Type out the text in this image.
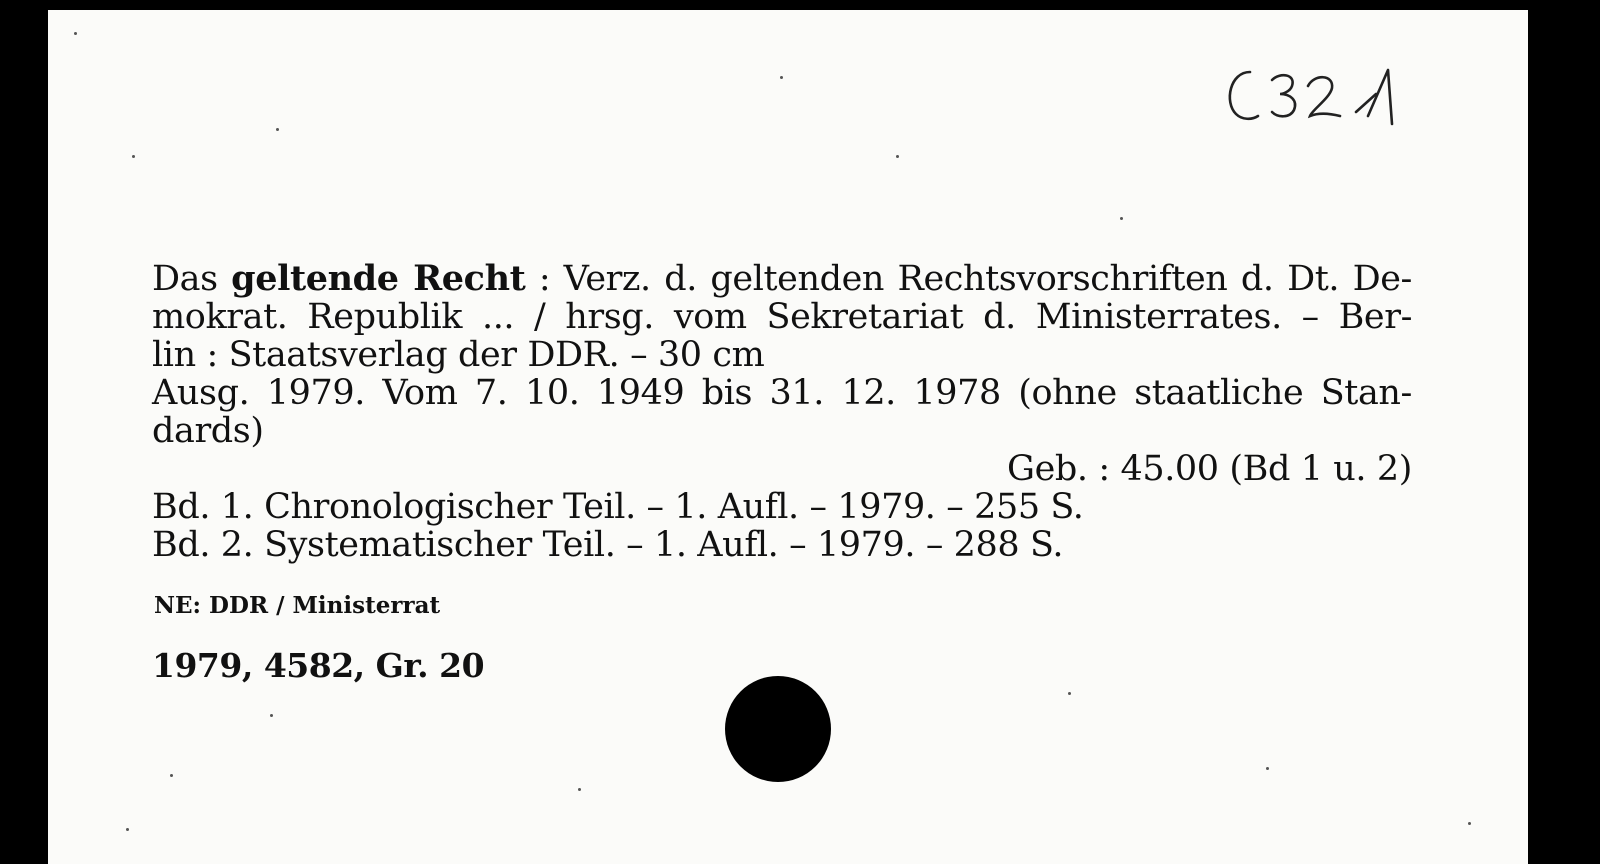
Das geltende Recht : Verz. d. geltenden Rechtsvorschriften d. Dt. De-
mokrat. Republik ... / hrsg. vom Sekretariat d. Ministerrates. – Ber-
lin : Staatsverlag der DDR. – 30 cm
Ausg. 1979. Vom 7. 10. 1949 bis 31. 12. 1978 (ohne staatliche Stan-
dards)
Geb. : 45.00 (Bd 1 u. 2)
Bd. 1. Chronologischer Teil. – 1. Aufl. – 1979. – 255 S.
Bd. 2. Systematischer Teil. – 1. Aufl. – 1979. – 288 S.
NE: DDR / Ministerrat
1979, 4582, Gr. 20
